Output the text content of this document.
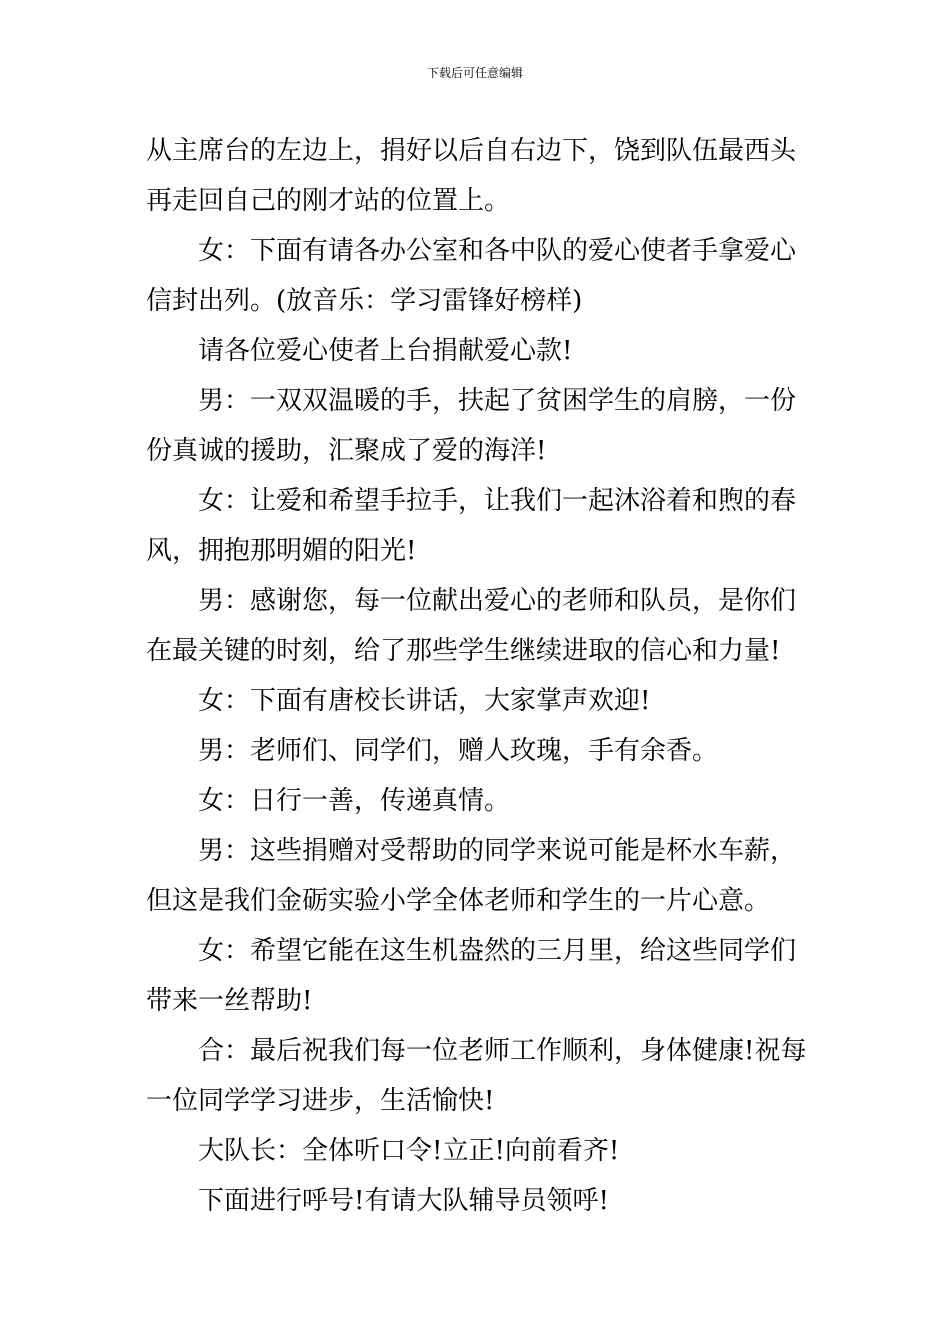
下载后可任意编辑
从主席台的左边上，捐好以后自右边下，饶到队伍最西头
再走回自己的刚才站的位置上。
女：下面有请各办公室和各中队的爱心使者手拿爱心
信封出列。(放音乐：学习雷锋好榜样)
请各位爱心使者上台捐献爱心款!
男：一双双温暖的手，扶起了贫困学生的肩膀，一份
份真诚的援助，汇聚成了爱的海洋!
女：让爱和希望手拉手，让我们一起沐浴着和煦的春
风，拥抱那明媚的阳光!
男：感谢您，每一位献出爱心的老师和队员，是你们
在最关键的时刻，给了那些学生继续进取的信心和力量!
女：下面有唐校长讲话，大家掌声欢迎!
男：老师们、同学们，赠人玫瑰，手有余香。
女：日行一善，传递真情。
男：这些捐赠对受帮助的同学来说可能是杯水车薪，
但这是我们金砺实验小学全体老师和学生的一片心意。
女：希望它能在这生机盎然的三月里，给这些同学们
带来一丝帮助!
合：最后祝我们每一位老师工作顺利，身体健康!祝每
一位同学学习进步，生活愉快!
大队长：全体听口令!立正!向前看齐!
下面进行呼号!有请大队辅导员领呼!
